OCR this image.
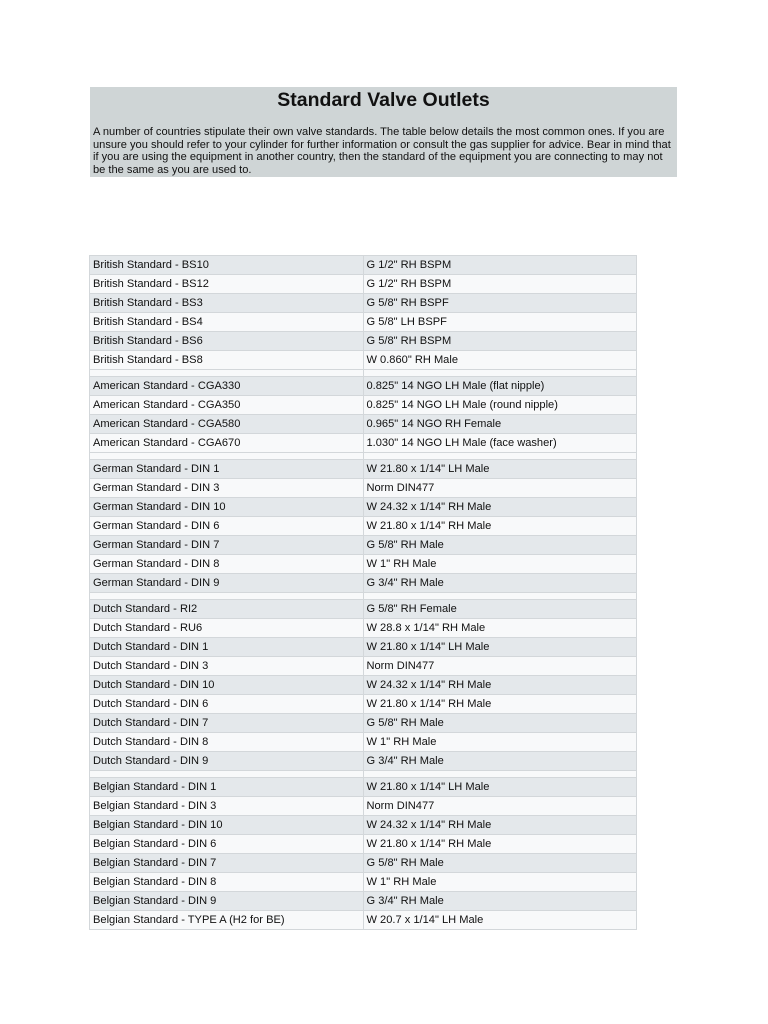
Standard Valve Outlets

A number of countries stipulate their own valve standards. The table below details the most common ones. If you are unsure you should refer to your cylinder for further information or consult the gas supplier for advice. Bear in mind that if you are using the equipment in another country, then the standard of the equipment you are connecting to may not be the same as you are used to.

British Standard - BS10	G 1/2" RH BSPM
British Standard - BS12	G 1/2" RH BSPM
British Standard - BS3	G 5/8" RH BSPF
British Standard - BS4	G 5/8" LH BSPF
British Standard - BS6	G 5/8" RH BSPM
British Standard - BS8	W 0.860" RH Male

American Standard - CGA330	0.825" 14 NGO LH Male (flat nipple)
American Standard - CGA350	0.825" 14 NGO LH Male (round nipple)
American Standard - CGA580	0.965" 14 NGO RH Female
American Standard - CGA670	1.030" 14 NGO LH Male (face washer)

German Standard - DIN 1	W 21.80 x 1/14" LH Male
German Standard - DIN 3	Norm DIN477
German Standard - DIN 10	W 24.32 x 1/14" RH Male
German Standard - DIN 6	W 21.80 x 1/14" RH Male
German Standard - DIN 7	G 5/8" RH Male
German Standard - DIN 8	W 1" RH Male
German Standard - DIN 9	G 3/4" RH Male

Dutch Standard - RI2	G 5/8" RH Female
Dutch Standard - RU6	W 28.8 x 1/14" RH Male
Dutch Standard - DIN 1	W 21.80 x 1/14" LH Male
Dutch Standard - DIN 3	Norm DIN477
Dutch Standard - DIN 10	W 24.32 x 1/14" RH Male
Dutch Standard - DIN 6	W 21.80 x 1/14" RH Male
Dutch Standard - DIN 7	G 5/8" RH Male
Dutch Standard - DIN 8	W 1" RH Male
Dutch Standard - DIN 9	G 3/4" RH Male

Belgian Standard - DIN 1	W 21.80 x 1/14" LH Male
Belgian Standard - DIN 3	Norm DIN477
Belgian Standard - DIN 10	W 24.32 x 1/14" RH Male
Belgian Standard - DIN 6	W 21.80 x 1/14" RH Male
Belgian Standard - DIN 7	G 5/8" RH Male
Belgian Standard - DIN 8	W 1" RH Male
Belgian Standard - DIN 9	G 3/4" RH Male
Belgian Standard - TYPE A (H2 for BE)	W 20.7 x 1/14" LH Male
